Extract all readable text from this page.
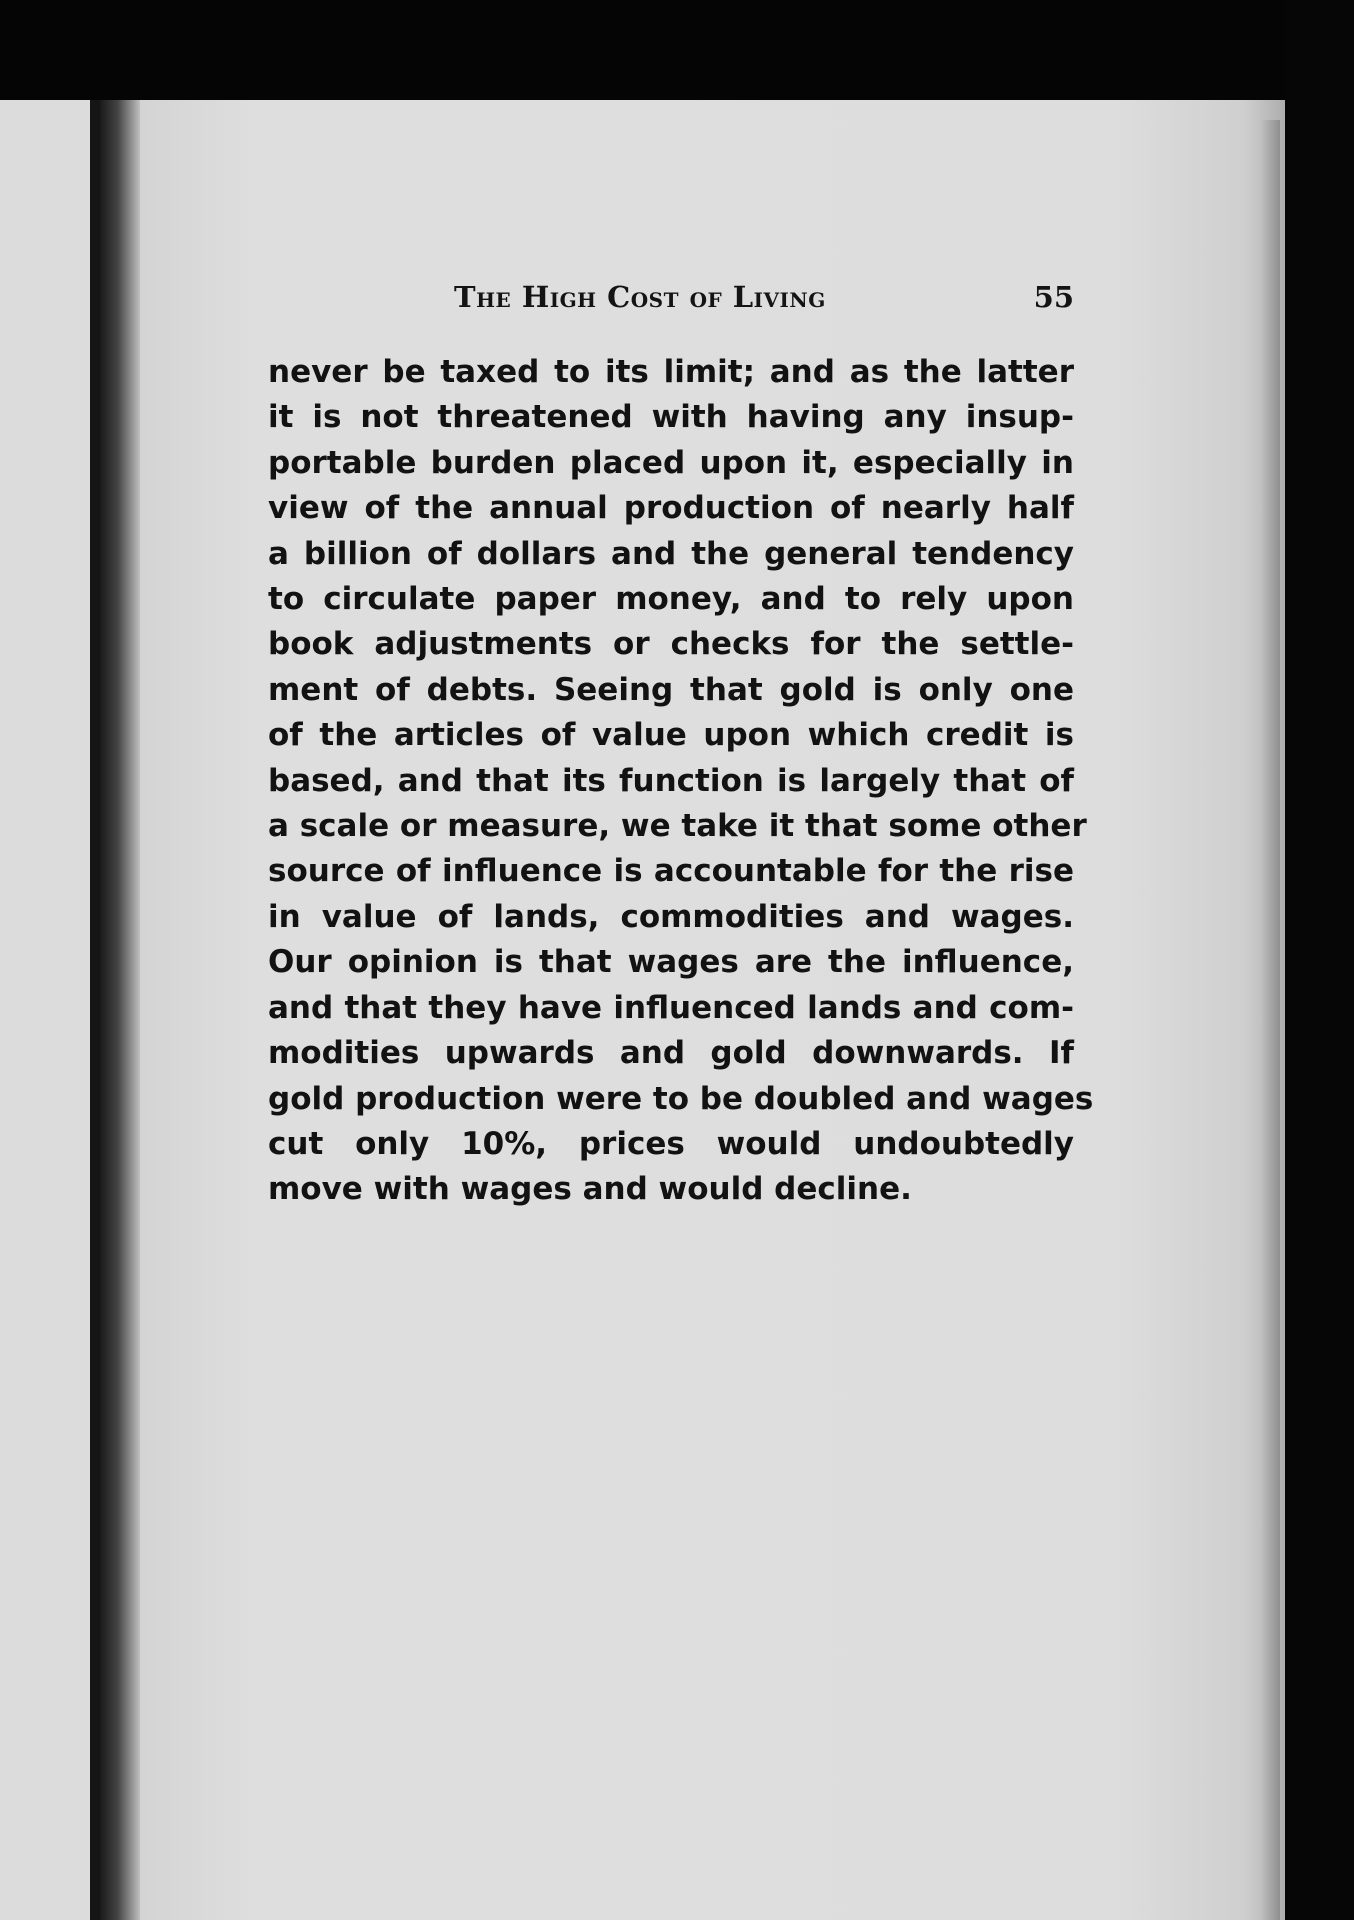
The High Cost of Living	55
never be taxed to its limit; and as the latter
it is not threatened with having any insup-
portable burden placed upon it, especially in
view of the annual production of nearly half
a billion of dollars and the general tendency
to circulate paper money, and to rely upon
book adjustments or checks for the settle-
ment of debts. Seeing that gold is only one
of the articles of value upon which credit is
based, and that its function is largely that of
a scale or measure, we take it that some other
source of influence is accountable for the rise
in value of lands, commodities and wages.
Our opinion is that wages are the influence,
and that they have influenced lands and com-
modities upwards and gold downwards. If
gold production were to be doubled and wages
cut only 10%, prices would undoubtedly
move with wages and would decline.
